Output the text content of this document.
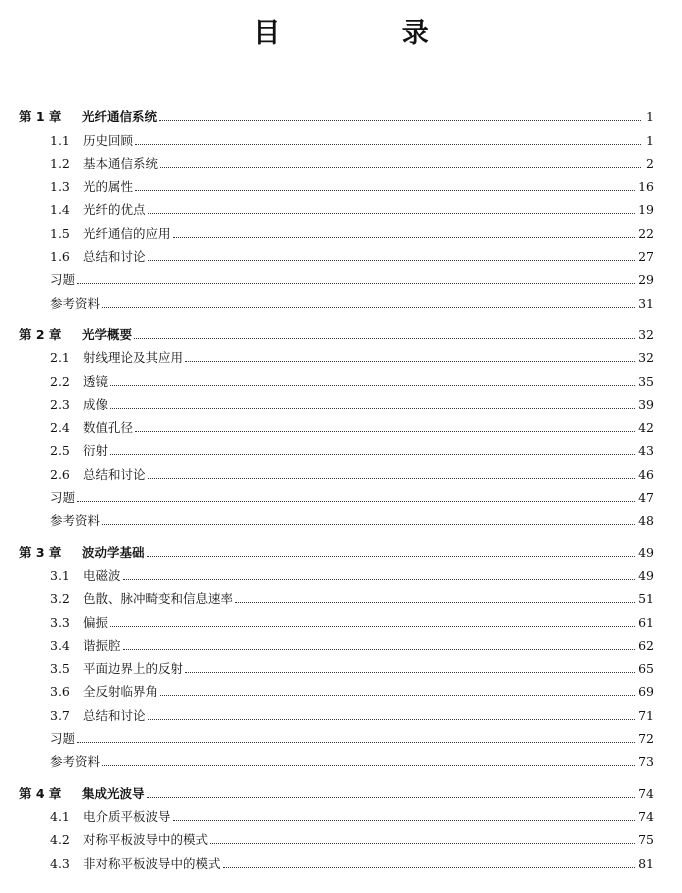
目 录
第 1 章	光纤通信系统	1
1.1	历史回顾	1
1.2	基本通信系统	2
1.3	光的属性	16
1.4	光纤的优点	19
1.5	光纤通信的应用	22
1.6	总结和讨论	27
习题	29
参考资料	31
第 2 章	光学概要	32
2.1	射线理论及其应用	32
2.2	透镜	35
2.3	成像	39
2.4	数值孔径	42
2.5	衍射	43
2.6	总结和讨论	46
习题	47
参考资料	48
第 3 章	波动学基础	49
3.1	电磁波	49
3.2	色散、脉冲畸变和信息速率	51
3.3	偏振	61
3.4	谐振腔	62
3.5	平面边界上的反射	65
3.6	全反射临界角	69
3.7	总结和讨论	71
习题	72
参考资料	73
第 4 章	集成光波导	74
4.1	电介质平板波导	74
4.2	对称平板波导中的模式	75
4.3	非对称平板波导中的模式	81
